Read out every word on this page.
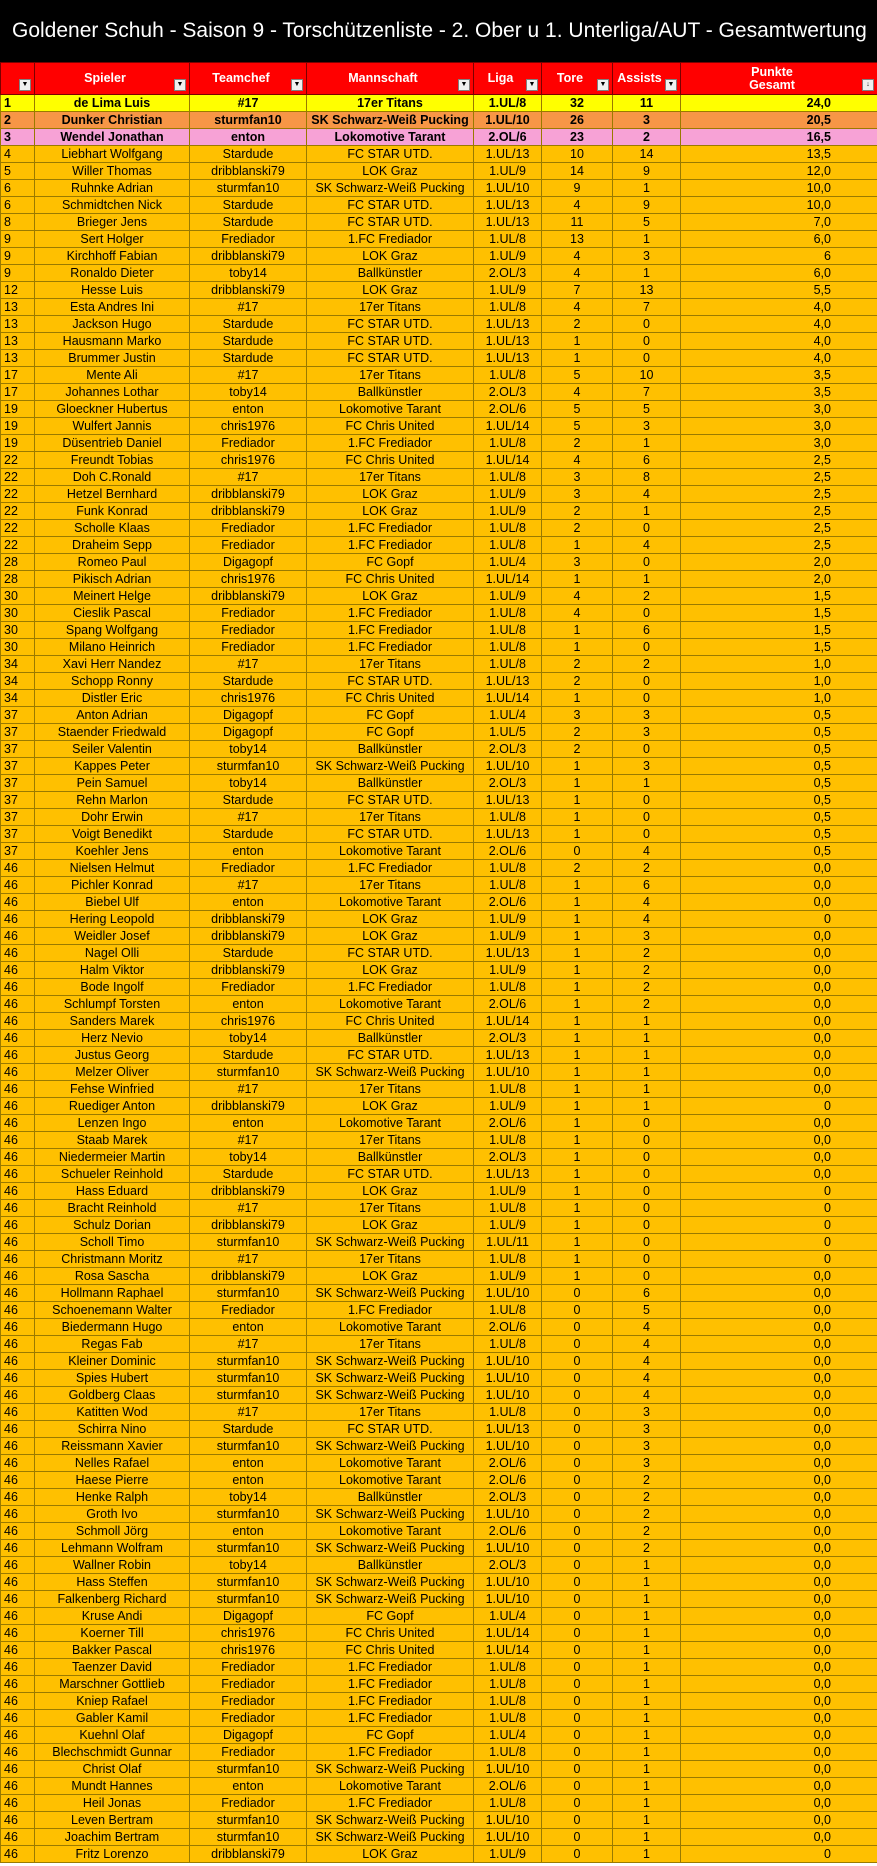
Goldener Schuh - Saison 9 - Torschützenliste - 2. Ober u 1. Unterliga/AUT - Gesamtwertung
▼	Spieler ▼	Teamchef ▼	Mannschaft ▼	Liga ▼	Tore ▼	Assists ▼	Punkte Gesamt ↓

1	de Lima Luis	#17	17er Titans	1.UL/8	32	11	24,0
2	Dunker Christian	sturmfan10	SK Schwarz-Weiß Pucking	1.UL/10	26	3	20,5
3	Wendel Jonathan	enton	Lokomotive Tarant	2.OL/6	23	2	16,5
4	Liebhart Wolfgang	Stardude	FC STAR UTD.	1.UL/13	10	14	13,5
5	Willer Thomas	dribblanski79	LOK Graz	1.UL/9	14	9	12,0
6	Ruhnke Adrian	sturmfan10	SK Schwarz-Weiß Pucking	1.UL/10	9	1	10,0
6	Schmidtchen Nick	Stardude	FC STAR UTD.	1.UL/13	4	9	10,0
8	Brieger Jens	Stardude	FC STAR UTD.	1.UL/13	11	5	7,0
9	Sert Holger	Frediador	1.FC Frediador	1.UL/8	13	1	6,0
9	Kirchhoff Fabian	dribblanski79	LOK Graz	1.UL/9	4	3	6
9	Ronaldo Dieter	toby14	Ballkünstler	2.OL/3	4	1	6,0
12	Hesse Luis	dribblanski79	LOK Graz	1.UL/9	7	13	5,5
13	Esta Andres Ini	#17	17er Titans	1.UL/8	4	7	4,0
13	Jackson Hugo	Stardude	FC STAR UTD.	1.UL/13	2	0	4,0
13	Hausmann Marko	Stardude	FC STAR UTD.	1.UL/13	1	0	4,0
13	Brummer Justin	Stardude	FC STAR UTD.	1.UL/13	1	0	4,0
17	Mente Ali	#17	17er Titans	1.UL/8	5	10	3,5
17	Johannes Lothar	toby14	Ballkünstler	2.OL/3	4	7	3,5
19	Gloeckner Hubertus	enton	Lokomotive Tarant	2.OL/6	5	5	3,0
19	Wulfert Jannis	chris1976	FC Chris United	1.UL/14	5	3	3,0
19	Düsentrieb Daniel	Frediador	1.FC Frediador	1.UL/8	2	1	3,0
22	Freundt Tobias	chris1976	FC Chris United	1.UL/14	4	6	2,5
22	Doh C.Ronald	#17	17er Titans	1.UL/8	3	8	2,5
22	Hetzel Bernhard	dribblanski79	LOK Graz	1.UL/9	3	4	2,5
22	Funk Konrad	dribblanski79	LOK Graz	1.UL/9	2	1	2,5
22	Scholle Klaas	Frediador	1.FC Frediador	1.UL/8	2	0	2,5
22	Draheim Sepp	Frediador	1.FC Frediador	1.UL/8	1	4	2,5
28	Romeo Paul	Digagopf	FC Gopf	1.UL/4	3	0	2,0
28	Pikisch Adrian	chris1976	FC Chris United	1.UL/14	1	1	2,0
30	Meinert Helge	dribblanski79	LOK Graz	1.UL/9	4	2	1,5
30	Cieslik Pascal	Frediador	1.FC Frediador	1.UL/8	4	0	1,5
30	Spang Wolfgang	Frediador	1.FC Frediador	1.UL/8	1	6	1,5
30	Milano Heinrich	Frediador	1.FC Frediador	1.UL/8	1	0	1,5
34	Xavi Herr Nandez	#17	17er Titans	1.UL/8	2	2	1,0
34	Schopp Ronny	Stardude	FC STAR UTD.	1.UL/13	2	0	1,0
34	Distler Eric	chris1976	FC Chris United	1.UL/14	1	0	1,0
37	Anton Adrian	Digagopf	FC Gopf	1.UL/4	3	3	0,5
37	Staender Friedwald	Digagopf	FC Gopf	1.UL/5	2	3	0,5
37	Seiler Valentin	toby14	Ballkünstler	2.OL/3	2	0	0,5
37	Kappes Peter	sturmfan10	SK Schwarz-Weiß Pucking	1.UL/10	1	3	0,5
37	Pein Samuel	toby14	Ballkünstler	2.OL/3	1	1	0,5
37	Rehn Marlon	Stardude	FC STAR UTD.	1.UL/13	1	0	0,5
37	Dohr Erwin	#17	17er Titans	1.UL/8	1	0	0,5
37	Voigt Benedikt	Stardude	FC STAR UTD.	1.UL/13	1	0	0,5
37	Koehler Jens	enton	Lokomotive Tarant	2.OL/6	0	4	0,5
46	Nielsen Helmut	Frediador	1.FC Frediador	1.UL/8	2	2	0,0
46	Pichler Konrad	#17	17er Titans	1.UL/8	1	6	0,0
46	Biebel Ulf	enton	Lokomotive Tarant	2.OL/6	1	4	0,0
46	Hering Leopold	dribblanski79	LOK Graz	1.UL/9	1	4	0
46	Weidler Josef	dribblanski79	LOK Graz	1.UL/9	1	3	0,0
46	Nagel Olli	Stardude	FC STAR UTD.	1.UL/13	1	2	0,0
46	Halm Viktor	dribblanski79	LOK Graz	1.UL/9	1	2	0,0
46	Bode Ingolf	Frediador	1.FC Frediador	1.UL/8	1	2	0,0
46	Schlumpf Torsten	enton	Lokomotive Tarant	2.OL/6	1	2	0,0
46	Sanders Marek	chris1976	FC Chris United	1.UL/14	1	1	0,0
46	Herz Nevio	toby14	Ballkünstler	2.OL/3	1	1	0,0
46	Justus Georg	Stardude	FC STAR UTD.	1.UL/13	1	1	0,0
46	Melzer Oliver	sturmfan10	SK Schwarz-Weiß Pucking	1.UL/10	1	1	0,0
46	Fehse Winfried	#17	17er Titans	1.UL/8	1	1	0,0
46	Ruediger Anton	dribblanski79	LOK Graz	1.UL/9	1	1	0
46	Lenzen Ingo	enton	Lokomotive Tarant	2.OL/6	1	0	0,0
46	Staab Marek	#17	17er Titans	1.UL/8	1	0	0,0
46	Niedermeier Martin	toby14	Ballkünstler	2.OL/3	1	0	0,0
46	Schueler Reinhold	Stardude	FC STAR UTD.	1.UL/13	1	0	0,0
46	Hass Eduard	dribblanski79	LOK Graz	1.UL/9	1	0	0
46	Bracht Reinhold	#17	17er Titans	1.UL/8	1	0	0
46	Schulz Dorian	dribblanski79	LOK Graz	1.UL/9	1	0	0
46	Scholl Timo	sturmfan10	SK Schwarz-Weiß Pucking	1.UL/11	1	0	0
46	Christmann Moritz	#17	17er Titans	1.UL/8	1	0	0
46	Rosa Sascha	dribblanski79	LOK Graz	1.UL/9	1	0	0,0
46	Hollmann Raphael	sturmfan10	SK Schwarz-Weiß Pucking	1.UL/10	0	6	0,0
46	Schoenemann Walter	Frediador	1.FC Frediador	1.UL/8	0	5	0,0
46	Biedermann Hugo	enton	Lokomotive Tarant	2.OL/6	0	4	0,0
46	Regas Fab	#17	17er Titans	1.UL/8	0	4	0,0
46	Kleiner Dominic	sturmfan10	SK Schwarz-Weiß Pucking	1.UL/10	0	4	0,0
46	Spies Hubert	sturmfan10	SK Schwarz-Weiß Pucking	1.UL/10	0	4	0,0
46	Goldberg Claas	sturmfan10	SK Schwarz-Weiß Pucking	1.UL/10	0	4	0,0
46	Katitten Wod	#17	17er Titans	1.UL/8	0	3	0,0
46	Schirra Nino	Stardude	FC STAR UTD.	1.UL/13	0	3	0,0
46	Reissmann Xavier	sturmfan10	SK Schwarz-Weiß Pucking	1.UL/10	0	3	0,0
46	Nelles Rafael	enton	Lokomotive Tarant	2.OL/6	0	3	0,0
46	Haese Pierre	enton	Lokomotive Tarant	2.OL/6	0	2	0,0
46	Henke Ralph	toby14	Ballkünstler	2.OL/3	0	2	0,0
46	Groth Ivo	sturmfan10	SK Schwarz-Weiß Pucking	1.UL/10	0	2	0,0
46	Schmoll Jörg	enton	Lokomotive Tarant	2.OL/6	0	2	0,0
46	Lehmann Wolfram	sturmfan10	SK Schwarz-Weiß Pucking	1.UL/10	0	2	0,0
46	Wallner Robin	toby14	Ballkünstler	2.OL/3	0	1	0,0
46	Hass Steffen	sturmfan10	SK Schwarz-Weiß Pucking	1.UL/10	0	1	0,0
46	Falkenberg Richard	sturmfan10	SK Schwarz-Weiß Pucking	1.UL/10	0	1	0,0
46	Kruse Andi	Digagopf	FC Gopf	1.UL/4	0	1	0,0
46	Koerner Till	chris1976	FC Chris United	1.UL/14	0	1	0,0
46	Bakker Pascal	chris1976	FC Chris United	1.UL/14	0	1	0,0
46	Taenzer David	Frediador	1.FC Frediador	1.UL/8	0	1	0,0
46	Marschner Gottlieb	Frediador	1.FC Frediador	1.UL/8	0	1	0,0
46	Kniep Rafael	Frediador	1.FC Frediador	1.UL/8	0	1	0,0
46	Gabler Kamil	Frediador	1.FC Frediador	1.UL/8	0	1	0,0
46	Kuehnl Olaf	Digagopf	FC Gopf	1.UL/4	0	1	0,0
46	Blechschmidt Gunnar	Frediador	1.FC Frediador	1.UL/8	0	1	0,0
46	Christ Olaf	sturmfan10	SK Schwarz-Weiß Pucking	1.UL/10	0	1	0,0
46	Mundt Hannes	enton	Lokomotive Tarant	2.OL/6	0	1	0,0
46	Heil Jonas	Frediador	1.FC Frediador	1.UL/8	0	1	0,0
46	Leven Bertram	sturmfan10	SK Schwarz-Weiß Pucking	1.UL/10	0	1	0,0
46	Joachim Bertram	sturmfan10	SK Schwarz-Weiß Pucking	1.UL/10	0	1	0,0
46	Fritz Lorenzo	dribblanski79	LOK Graz	1.UL/9	0	1	0
